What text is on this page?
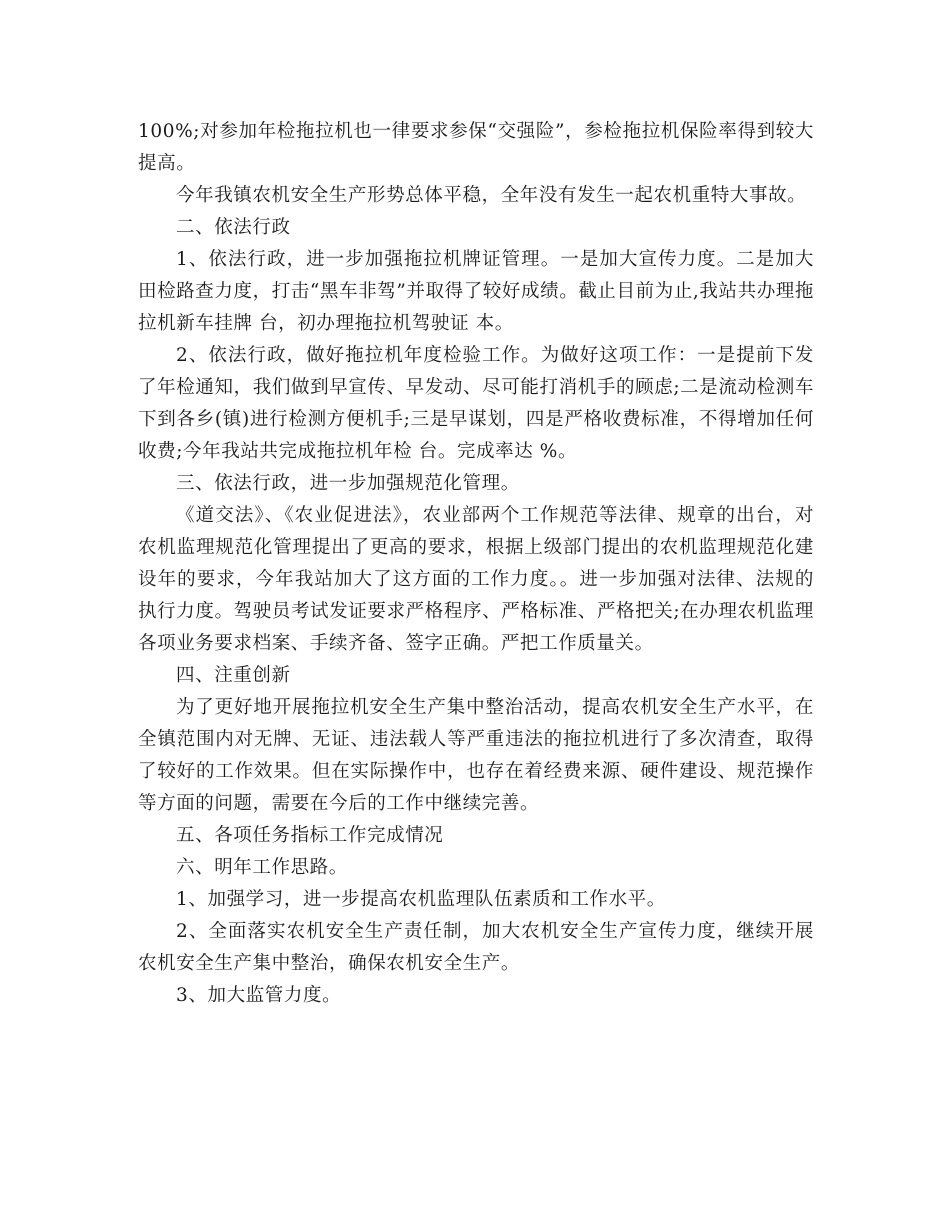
100%;对参加年检拖拉机也一律要求参保“交强险”，参检拖拉机保险率得到较大提高。

今年我镇农机安全生产形势总体平稳，全年没有发生一起农机重特大事故。

二、依法行政

1、依法行政，进一步加强拖拉机牌证管理。一是加大宣传力度。二是加大田检路查力度，打击“黑车非驾”并取得了较好成绩。截止目前为止,我站共办理拖拉机新车挂牌 台，初办理拖拉机驾驶证 本。

2、依法行政，做好拖拉机年度检验工作。为做好这项工作：一是提前下发了年检通知，我们做到早宣传、早发动、尽可能打消机手的顾虑;二是流动检测车下到各乡(镇)进行检测方便机手;三是早谋划，四是严格收费标准，不得增加任何收费;今年我站共完成拖拉机年检 台。完成率达 %。

三、依法行政，进一步加强规范化管理。

《道交法》、《农业促进法》，农业部两个工作规范等法律、规章的出台，对农机监理规范化管理提出了更高的要求，根据上级部门提出的农机监理规范化建设年的要求，今年我站加大了这方面的工作力度。。进一步加强对法律、法规的执行力度。驾驶员考试发证要求严格程序、严格标准、严格把关;在办理农机监理各项业务要求档案、手续齐备、签字正确。严把工作质量关。

四、注重创新

为了更好地开展拖拉机安全生产集中整治活动，提高农机安全生产水平，在全镇范围内对无牌、无证、违法载人等严重违法的拖拉机进行了多次清查，取得了较好的工作效果。但在实际操作中，也存在着经费来源、硬件建设、规范操作等方面的问题，需要在今后的工作中继续完善。

五、各项任务指标工作完成情况

六、明年工作思路。

1、加强学习，进一步提高农机监理队伍素质和工作水平。

2、全面落实农机安全生产责任制，加大农机安全生产宣传力度，继续开展农机安全生产集中整治，确保农机安全生产。

3、加大监管力度。
